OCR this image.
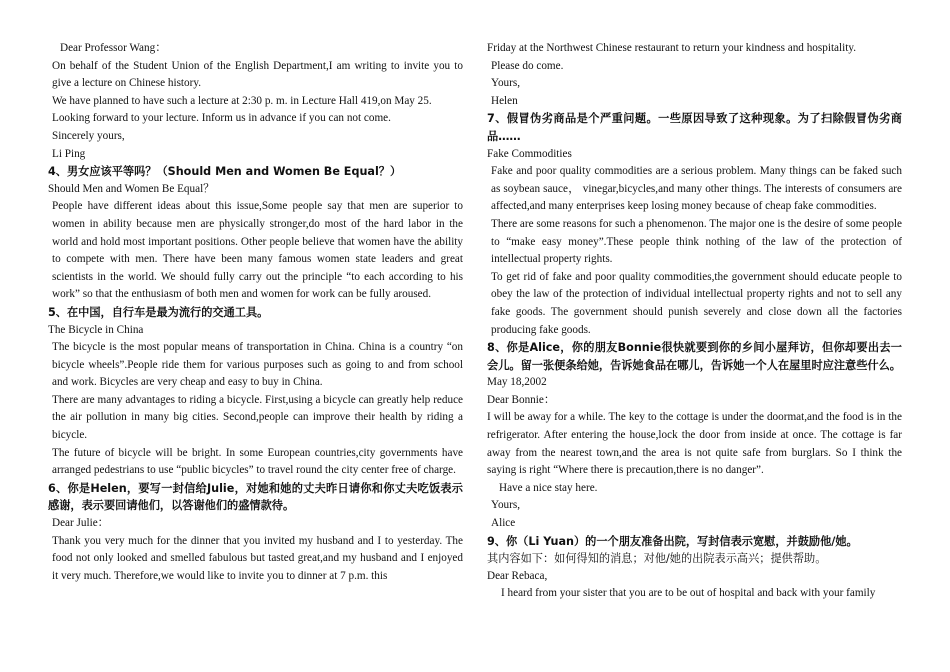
Dear Professor Wang：

On behalf of the Student Union of the English Department,I am writing to invite you to give a lecture on Chinese history.

We have planned to have such a lecture at 2:30 p. m. in Lecture Hall 419,on May 25.

Looking forward to your lecture. Inform us in advance if you can not come.

Sincerely yours,

Li Ping

4、男女应该平等吗？（Should Men and Women Be Equal？）

Should Men and Women Be Equal？

People have different ideas about this issue,Some people say that men are superior to women in ability because men are physically stronger,do most of the hard labor in the world and hold most important positions. Other people believe that women have the ability to compete with men. There have been many famous women state leaders and great scientists in the world. We should fully carry out the principle “to each according to his work” so that the enthusiasm of both men and women for work can be fully aroused.

5、在中国，自行车是最为流行的交通工具。

The Bicycle in China

The bicycle is the most popular means of transportation in China. China is a country “on bicycle wheels”.People ride them for various purposes such as going to and from school and work. Bicycles are very cheap and easy to buy in China.

There are many advantages to riding a bicycle. First,using a bicycle can greatly help reduce the air pollution in many big cities. Second,people can improve their health by riding a bicycle.

The future of bicycle will be bright. In some European countries,city governments have arranged pedestrians to use “public bicycles” to travel round the city center free of charge.

6、你是Helen，要写一封信给Julie，对她和她的丈夫昨日请你和你丈夫吃饭表示感谢，表示要回请他们，以答谢他们的盛情款待。

Dear Julie：

Thank you very much for the dinner that you invited my husband and I to yesterday. The food not only looked and smelled fabulous but tasted great,and my husband and I enjoyed it very much. Therefore,we would like to invite you to dinner at 7 p.m. this

Friday at the Northwest Chinese restaurant to return your kindness and hospitality.

Please do come.

Yours,

Helen

7、假冒伪劣商品是个严重问题。一些原因导致了这种现象。为了扫除假冒伪劣商品……

Fake Commodities

Fake and poor quality commodities are a serious problem. Many things can be faked such as soybean sauce， vinegar,bicycles,and many other things. The interests of consumers are affected,and many enterprises keep losing money because of cheap fake commodities.

There are some reasons for such a phenomenon. The major one is the desire of some people to “make easy money”.These people think nothing of the law of the protection of intellectual property rights.

To get rid of fake and poor quality commodities,the government should educate people to obey the law of the protection of individual intellectual property rights and not to sell any fake goods. The government should punish severely and close down all the factories producing fake goods.

8、你是Alice，你的朋友Bonnie很快就要到你的乡间小屋拜访，但你却要出去一会儿。留一张便条给她，告诉她食品在哪儿，告诉她一个人在屋里时应注意些什么。

May 18,2002

Dear Bonnie：

I will be away for a while. The key to the cottage is under the doormat,and the food is in the refrigerator. After entering the house,lock the door from inside at once. The cottage is far away from the nearest town,and the area is not quite safe from burglars. So I think the saying is right “Where there is precaution,there is no danger”.

Have a nice stay here.

Yours,

Alice

9、你（Li Yuan）的一个朋友准备出院，写封信表示宽慰，并鼓励他/她。

其内容如下：如何得知的消息；对他/她的出院表示高兴；提供帮助。

Dear Rebaca,

I heard from your sister that you are to be out of hospital and back with your family
